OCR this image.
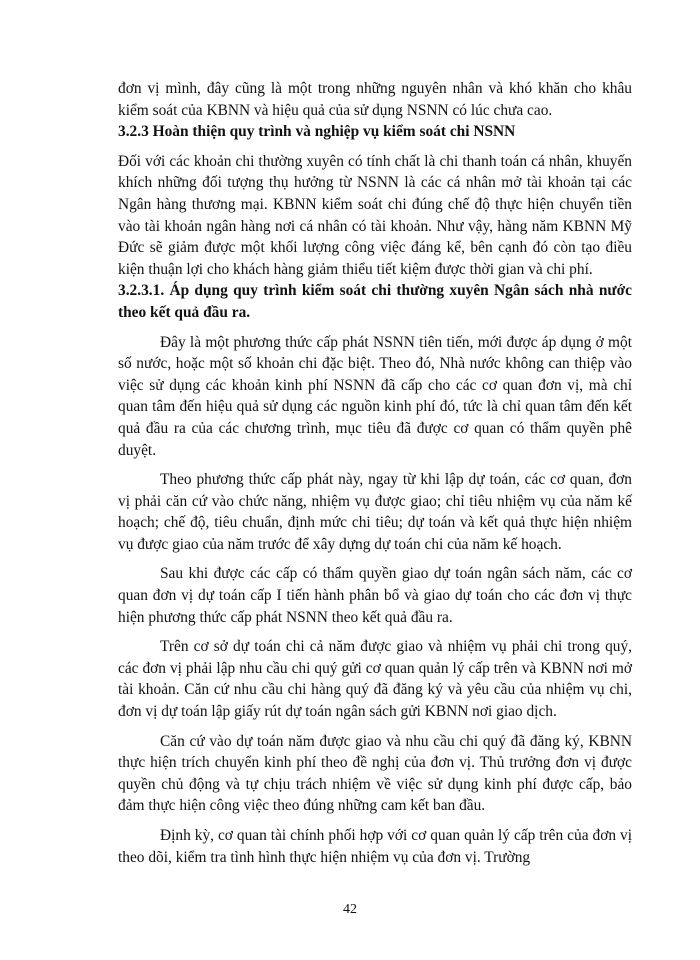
đơn vị mình, đây cũng là một trong những nguyên nhân và khó khăn cho khâu kiểm soát của KBNN và hiệu quả của sử dụng NSNN có lúc chưa cao.

3.2.3 Hoàn thiện quy trình và nghiệp vụ kiểm soát chi NSNN

Đối với các khoản chi thường xuyên có tính chất là chi thanh toán cá nhân, khuyến khích những đối tượng thụ hưởng từ NSNN là các cá nhân mở tài khoản tại các Ngân hàng thương mại. KBNN kiểm soát chi đúng chế độ thực hiện chuyển tiền vào tài khoản ngân hàng nơi cá nhân có tài khoản. Như vậy, hàng năm KBNN Mỹ Đức sẽ giảm được một khối lượng công việc đáng kể, bên cạnh đó còn tạo điều kiện thuận lợi cho khách hàng giảm thiểu tiết kiệm được thời gian và chi phí.

3.2.3.1. Áp dụng quy trình kiểm soát chi thường xuyên Ngân sách nhà nước theo kết quả đầu ra.

Đây là một phương thức cấp phát NSNN tiên tiến, mới được áp dụng ở một số nước, hoặc một số khoản chi đặc biệt. Theo đó, Nhà nước không can thiệp vào việc sử dụng các khoản kinh phí NSNN đã cấp cho các cơ quan đơn vị, mà chỉ quan tâm đến hiệu quả sử dụng các nguồn kinh phí đó, tức là chỉ quan tâm đến kết quả đầu ra của các chương trình, mục tiêu đã được cơ quan có thẩm quyền phê duyệt.

Theo phương thức cấp phát này, ngay từ khi lập dự toán, các cơ quan, đơn vị phải căn cứ vào chức năng, nhiệm vụ được giao; chỉ tiêu nhiệm vụ của năm kế hoạch; chế độ, tiêu chuẩn, định mức chi tiêu; dự toán và kết quả thực hiện nhiệm vụ được giao của năm trước để xây dựng dự toán chi của năm kế hoạch.

Sau khi được các cấp có thẩm quyền giao dự toán ngân sách năm, các cơ quan đơn vị dự toán cấp I tiến hành phân bổ và giao dự toán cho các đơn vị thực hiện phương thức cấp phát NSNN theo kết quả đầu ra.

Trên cơ sở dự toán chi cả năm được giao và nhiệm vụ phải chi trong quý, các đơn vị phải lập nhu cầu chi quý gửi cơ quan quản lý cấp trên và KBNN nơi mở tài khoản. Căn cứ nhu cầu chi hàng quý đã đăng ký và yêu cầu của nhiệm vụ chi, đơn vị dự toán lập giấy rút dự toán ngân sách gửi KBNN nơi giao dịch.

Căn cứ vào dự toán năm được giao và nhu cầu chi quý đã đăng ký, KBNN thực hiện trích chuyển kinh phí theo đề nghị của đơn vị. Thủ trưởng đơn vị được quyền chủ động và tự chịu trách nhiệm về việc sử dụng kinh phí được cấp, bảo đảm thực hiện công việc theo đúng những cam kết ban đầu.

Định kỳ, cơ quan tài chính phối hợp với cơ quan quản lý cấp trên của đơn vị theo dõi, kiểm tra tình hình thực hiện nhiệm vụ của đơn vị. Trường

42
